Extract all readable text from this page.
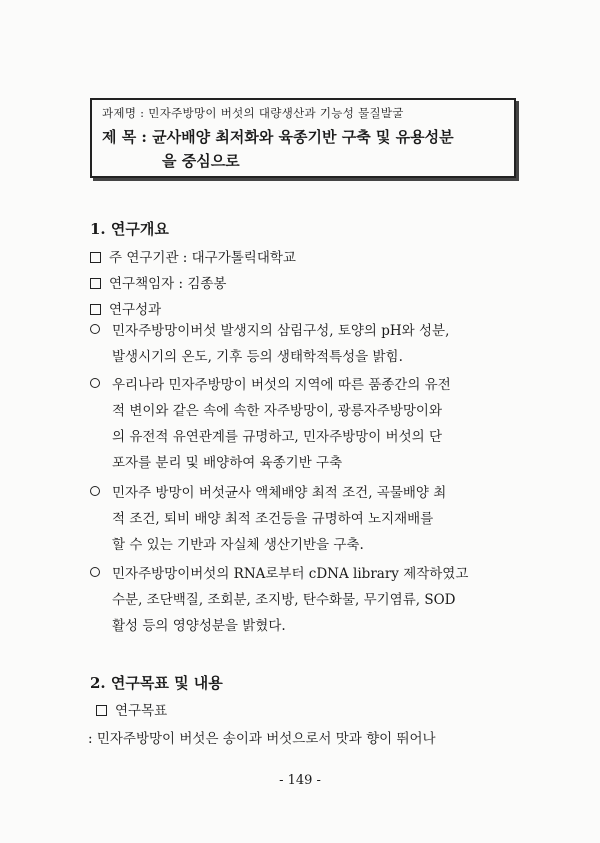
과제명 : 민자주방망이 버섯의 대량생산과 기능성 물질발굴

제 목 : 균사배양 최저화와 육종기반 구축 및 유용성분
을 중심으로

1. 연구개요
주 연구기관 : 대구가톨릭대학교
연구책임자 : 김종봉
연구성과
민자주방망이버섯 발생지의 삼림구성, 토양의 pH와 성분,
발생시기의 온도, 기후 등의 생태학적특성을 밝힘.
우리나라 민자주방망이 버섯의 지역에 따른 품종간의 유전
적 변이와 같은 속에 속한 자주방망이, 광릉자주방망이와
의 유전적 유연관계를 규명하고, 민자주방망이 버섯의 단
포자를 분리 및 배양하여 육종기반 구축
민자주 방망이 버섯균사 액체배양 최적 조건, 곡물배양 최
적 조건, 퇴비 배양 최적 조건등을 규명하여 노지재배를
할 수 있는 기반과 자실체 생산기반을 구축.
민자주방망이버섯의 RNA로부터 cDNA library 제작하였고
수분, 조단백질, 조회분, 조지방, 탄수화물, 무기염류, SOD
활성 등의 영양성분을 밝혔다.
2. 연구목표 및 내용
연구목표
: 민자주방망이 버섯은 송이과 버섯으로서 맛과 향이 뛰어나
- 149 -
